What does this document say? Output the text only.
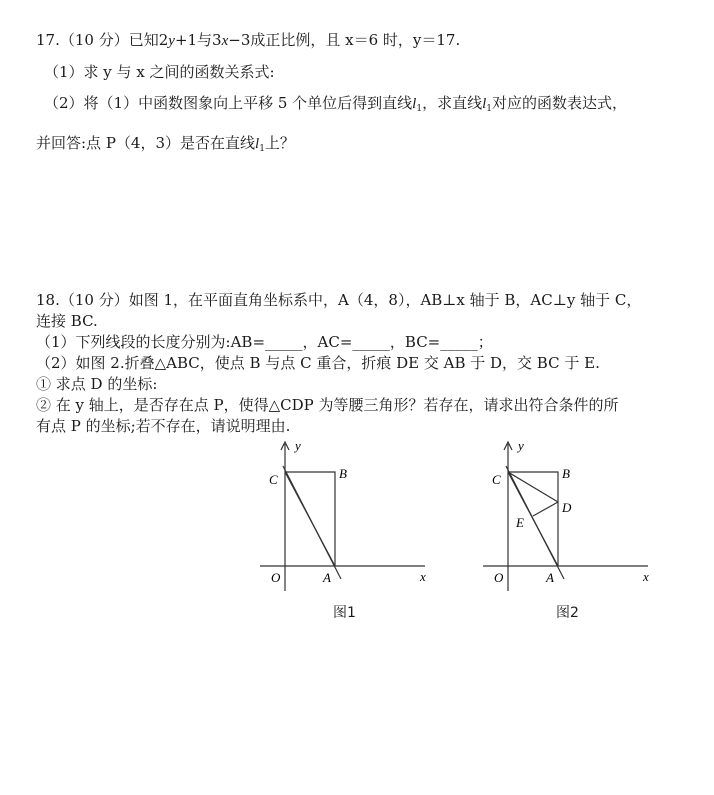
17.（10 分）已知2y+1与3x−3成正比例，且 x＝6 时，y＝17.
（1）求 y 与 x 之间的函数关系式:
（2）将（1）中函数图象向上平移 5 个单位后得到直线$l_1$，求直线$l_1$对应的函数表达式，
并回答:点 P（4，3）是否在直线$l_1$上？
18.（10 分）如图 1，在平面直角坐标系中，A（4，8），AB⊥x 轴于 B，AC⊥y 轴于 C，
连接 BC.
（1）下列线段的长度分别为:AB=_____，AC=_____，BC=_____；
（2）如图 2.折叠△ABC，使点 B 与点 C 重合，折痕 DE 交 AB 于 D，交 BC 于 E.
① 求点 D 的坐标:
② 在 y 轴上，是否存在点 P，使得△CDP 为等腰三角形？若存在，请求出符合条件的所
有点 P 的坐标;若不存在，请说明理由.
y
x
O	A
B
C
图1
y
x
O	A
B
C
D
E
图2
